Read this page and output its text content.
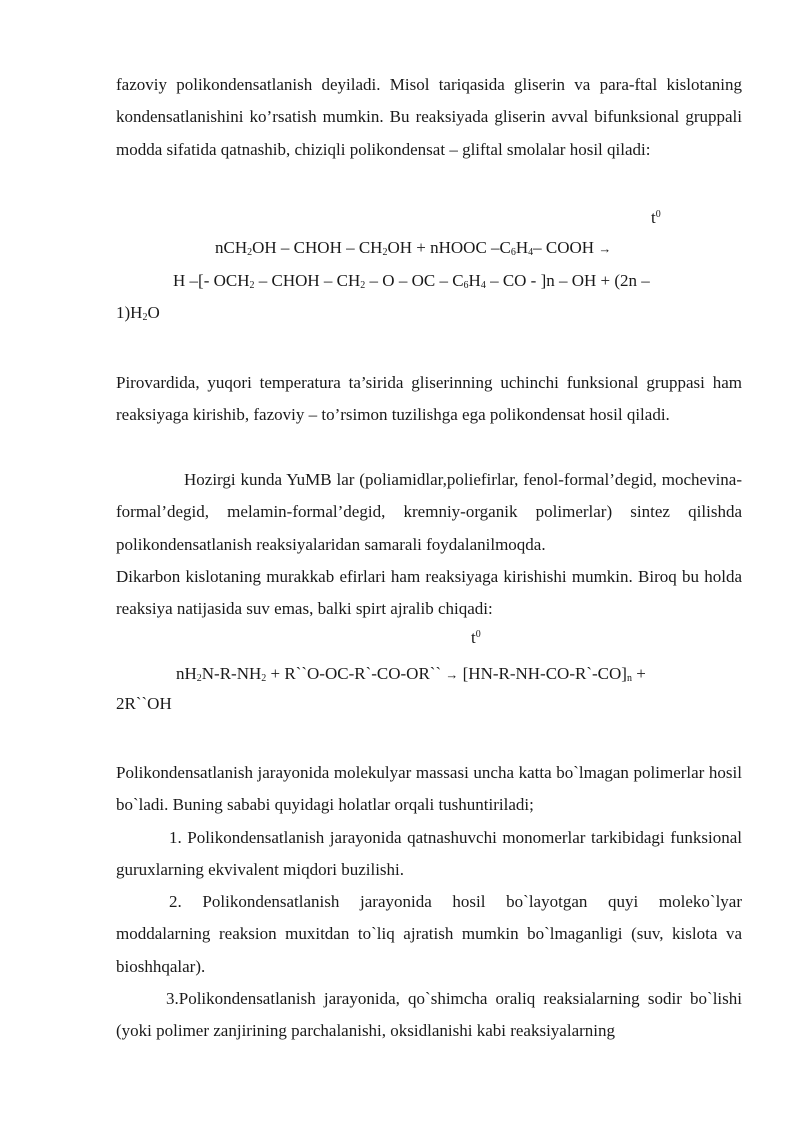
fazoviy polikondensatlanish deyiladi. Misol tariqasida gliserin va para-ftal kislotaning kondensatlanishini ko’rsatish mumkin. Bu reaksiyada gliserin avval bifunksional gruppali modda sifatida qatnashib, chiziqli polikondensat – gliftal smolalar hosil qiladi:

$t^0$
nCH$_2$OH – CHOH – $CH_2OH$ + nHOOC $-C_6H_4-$ COOH →
H –[- $OCH_2$ – CHOH – $CH_2$ – O – OC – $C_6H_4$ – CO - ]n – OH + (2n –
$1)H_2O$

Pirovardida, yuqori temperatura ta’sirida gliserinning uchinchi funksional gruppasi ham reaksiyaga kirishib, fazoviy – to’rsimon tuzilishga ega polikondensat hosil qiladi.

Hozirgi kunda YuMB lar (poliamidlar,poliefirlar, fenol-formal’degid, mochevina-formal’degid, melamin-formal’degid, kremniy-organik polimerlar) sintez qilishda polikondensatlanish reaksiyalaridan samarali foydalanilmoqda.

Dikarbon kislotaning murakkab efirlari ham reaksiyaga kirishishi mumkin. Biroq bu holda reaksiya natijasida suv emas, balki spirt ajralib chiqadi:

$t^0$
$nH_2N-R-NH_2$ + R``O-OC-R`-CO-OR`` → $[HN-R-NH-CO-R`-CO]_n$ +
2R``OH

Polikondensatlanish jarayonida molekulyar massasi uncha katta bo`lmagan polimerlar hosil bo`ladi. Buning sababi quyidagi holatlar orqali tushuntiriladi;

1. Polikondensatlanish jarayonida qatnashuvchi monomerlar tarkibidagi funksional guruxlarning ekvivalent miqdori buzilishi.

2. Polikondensatlanish jarayonida hosil bo`layotgan quyi moleko`lyar moddalarning reaksion muxitdan to`liq ajratish mumkin bo`lmaganligi (suv, kislota va bioshhqalar).

3.Polikondensatlanish jarayonida, qo`shimcha oraliq reaksialarning sodir bo`lishi (yoki polimer zanjirining parchalanishi, oksidlanishi kabi reaksiyalarning
